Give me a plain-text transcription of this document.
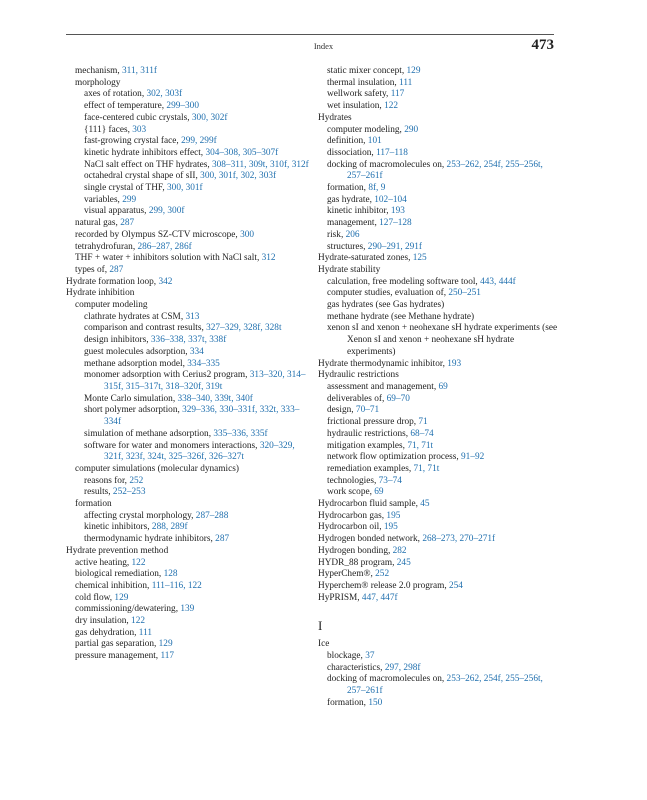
Index	473
mechanism, 311, 311f
morphology
axes of rotation, 302, 303f
effect of temperature, 299–300
face-centered cubic crystals, 300, 302f
{111} faces, 303
fast-growing crystal face, 299, 299f
kinetic hydrate inhibitors effect, 304–308, 305–307f
NaCl salt effect on THF hydrates, 308–311, 309t, 310f, 312f
octahedral crystal shape of sII, 300, 301f, 302, 303f
single crystal of THF, 300, 301f
variables, 299
visual apparatus, 299, 300f
natural gas, 287
recorded by Olympus SZ-CTV microscope, 300
tetrahydrofuran, 286–287, 286f
THF + water + inhibitors solution with NaCl salt, 312
types of, 287
Hydrate formation loop, 342
Hydrate inhibition
computer modeling
clathrate hydrates at CSM, 313
comparison and contrast results, 327–329, 328f, 328t
design inhibitors, 336–338, 337t, 338f
guest molecules adsorption, 334
methane adsorption model, 334–335
monomer adsorption with Cerius2 program, 313–320, 314–315f, 315–317t, 318–320f, 319t
Monte Carlo simulation, 338–340, 339t, 340f
short polymer adsorption, 329–336, 330–331f, 332t, 333–334f
simulation of methane adsorption, 335–336, 335f
software for water and monomers interactions, 320–329, 321f, 323f, 324t, 325–326f, 326–327t
computer simulations (molecular dynamics)
reasons for, 252
results, 252–253
formation
affecting crystal morphology, 287–288
kinetic inhibitors, 288, 289f
thermodynamic hydrate inhibitors, 287
Hydrate prevention method
active heating, 122
biological remediation, 128
chemical inhibition, 111–116, 122
cold flow, 129
commissioning/dewatering, 139
dry insulation, 122
gas dehydration, 111
partial gas separation, 129
pressure management, 117
static mixer concept, 129
thermal insulation, 111
wellwork safety, 117
wet insulation, 122
Hydrates
computer modeling, 290
definition, 101
dissociation, 117–118
docking of macromolecules on, 253–262, 254f, 255–256t, 257–261f
formation, 8f, 9
gas hydrate, 102–104
kinetic inhibitor, 193
management, 127–128
risk, 206
structures, 290–291, 291f
Hydrate-saturated zones, 125
Hydrate stability
calculation, free modeling software tool, 443, 444f
computer studies, evaluation of, 250–251
gas hydrates (see Gas hydrates)
methane hydrate (see Methane hydrate)
xenon sI and xenon + neohexane sH hydrate experiments (see Xenon sI and xenon + neohexane sH hydrate experiments)
Hydrate thermodynamic inhibitor, 193
Hydraulic restrictions
assessment and management, 69
deliverables of, 69–70
design, 70–71
frictional pressure drop, 71
hydraulic restrictions, 68–74
mitigation examples, 71, 71t
network flow optimization process, 91–92
remediation examples, 71, 71t
technologies, 73–74
work scope, 69
Hydrocarbon fluid sample, 45
Hydrocarbon gas, 195
Hydrocarbon oil, 195
Hydrogen bonded network, 268–273, 270–271f
Hydrogen bonding, 282
HYDR_88 program, 245
HyperChem®, 252
Hyperchem® release 2.0 program, 254
HyPRISM, 447, 447f
I
Ice
blockage, 37
characteristics, 297, 298f
docking of macromolecules on, 253–262, 254f, 255–256t, 257–261f
formation, 150
